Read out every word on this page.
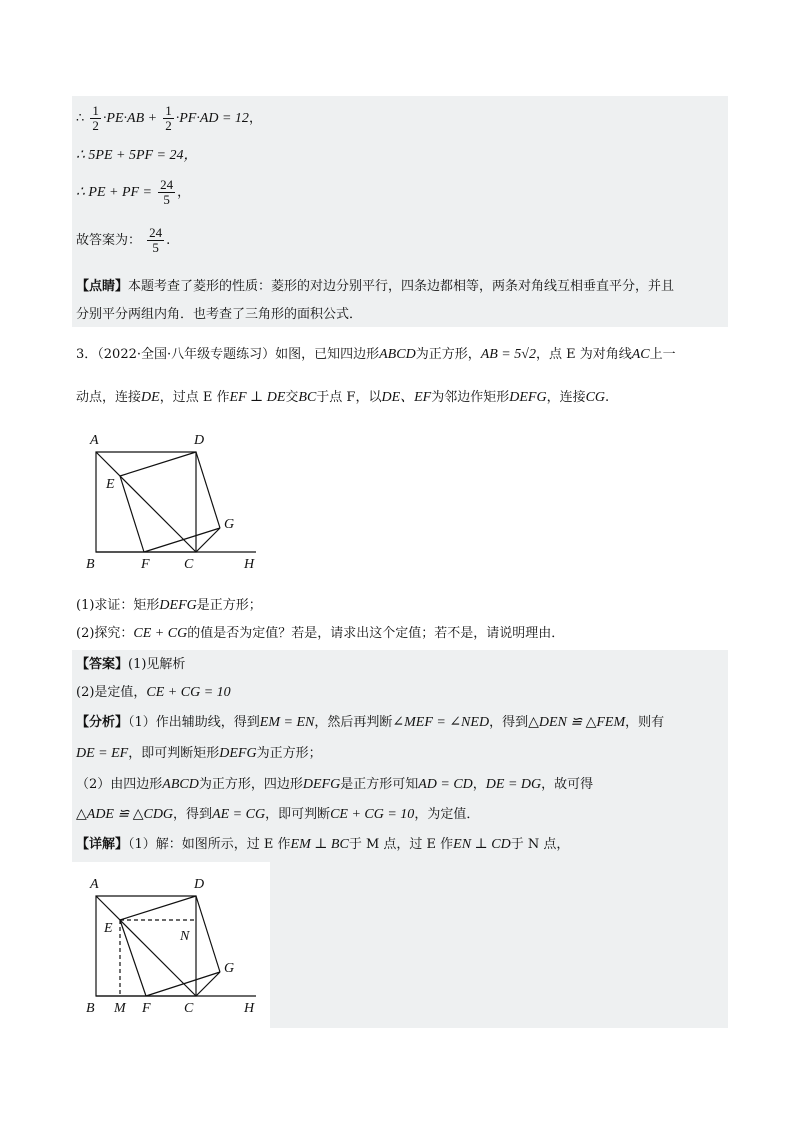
∴ $\frac{1}{2} \cdot PE\cdot AB + \frac{1}{2} \cdot PF\cdot AD = 12$，
∴ 5PE + 5PF = 24，
∴ PE + PF = $\frac{24}{5}$ ，
故答案为： $\frac{24}{5}$ .
【点睛】本题考查了菱形的性质：菱形的对边分别平行，四条边都相等，两条对角线互相垂直平分，并且
分别平分两组内角．也考查了三角形的面积公式．
3．（2022·全国·八年级专题练习）如图，已知四边形ABCD为正方形，AB = 5√2，点 E 为对角线AC上一
动点，连接DE，过点 E 作EF ⊥ DE交BC于点 F，以DE、EF为邻边作矩形DEFG，连接CG.
A	D
E
G
B	F C	H
(1)求证：矩形DEFG是正方形；
(2)探究：CE + CG的值是否为定值？若是，请求出这个定值；若不是，请说明理由．
【答案】(1)见解析
(2)是定值，CE + CG = 10
【分析】（1）作出辅助线，得到EM = EN，然后再判断∠MEF = ∠NED，得到△DEN ≌ △FEM，则有
DE = EF，即可判断矩形DEFG为正方形；
（2）由四边形ABCD为正方形，四边形DEFG是正方形可知AD = CD，DE = DG，故可得
△ADE ≌ △CDG，得到AE = CG，即可判断CE + CG = 10，为定值．
【详解】（1）解：如图所示，过 E 作EM ⊥ BC于 M 点，过 E 作EN ⊥ CD于 N 点，
A	D
E
N
G
B M F C	H
